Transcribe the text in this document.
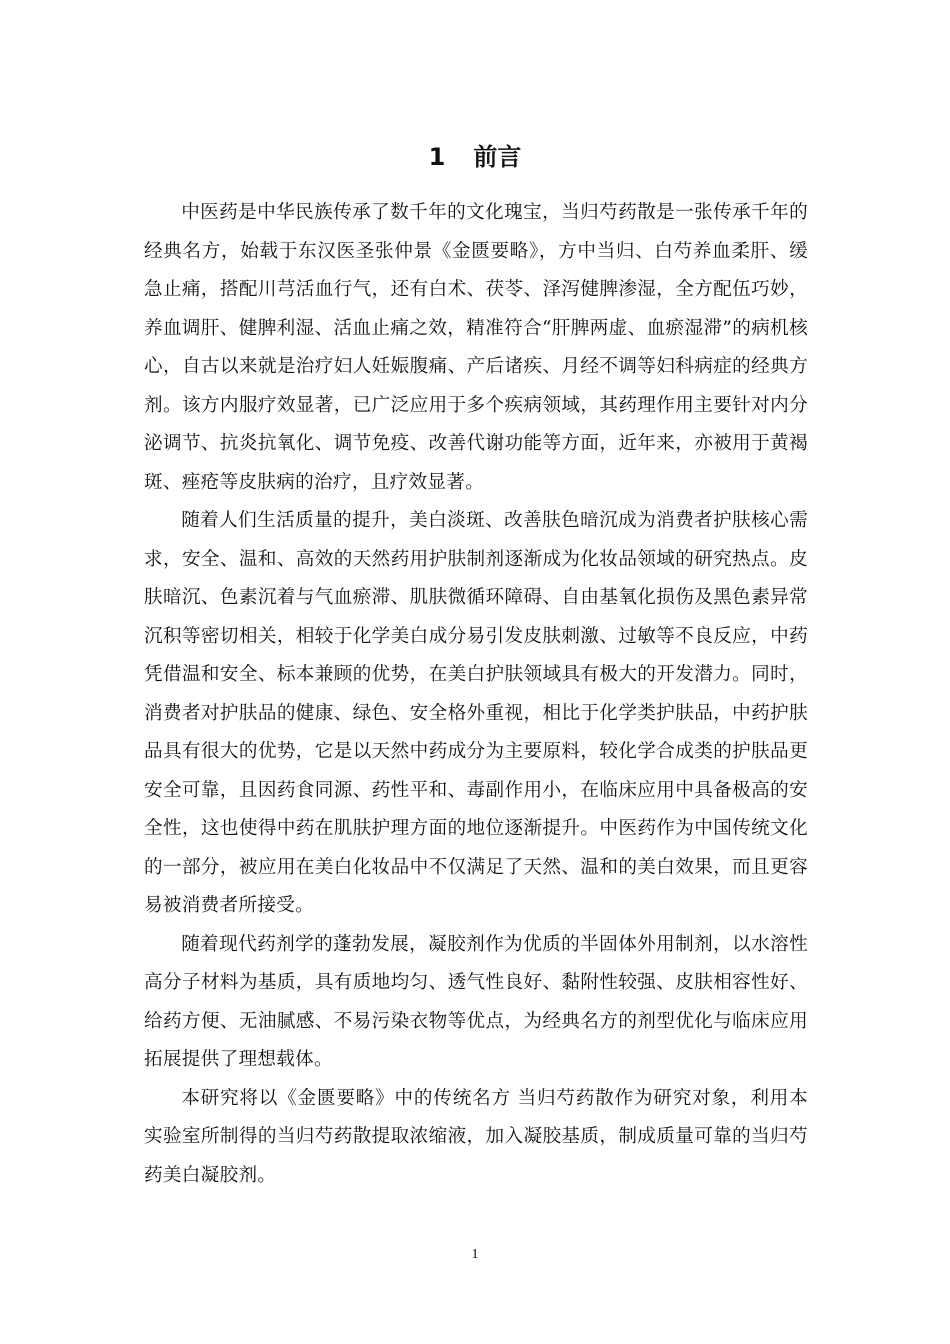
1 前言

中医药是中华民族传承了数千年的文化瑰宝，当归芍药散是一张传承千年的经典名方，始载于东汉医圣张仲景《金匮要略》，方中当归、白芍养血柔肝、缓急止痛，搭配川芎活血行气，还有白术、茯苓、泽泻健脾渗湿，全方配伍巧妙，养血调肝、健脾利湿、活血止痛之效，精准符合“肝脾两虚、血瘀湿滞”的病机核心，自古以来就是治疗妇人妊娠腹痛、产后诸疾、月经不调等妇科病症的经典方剂。该方内服疗效显著，已广泛应用于多个疾病领域，其药理作用主要针对内分泌调节、抗炎抗氧化、调节免疫、改善代谢功能等方面，近年来，亦被用于黄褐斑、痤疮等皮肤病的治疗，且疗效显著。

随着人们生活质量的提升，美白淡斑、改善肤色暗沉成为消费者护肤核心需求，安全、温和、高效的天然药用护肤制剂逐渐成为化妆品领域的研究热点。皮肤暗沉、色素沉着与气血瘀滞、肌肤微循环障碍、自由基氧化损伤及黑色素异常沉积等密切相关，相较于化学美白成分易引发皮肤刺激、过敏等不良反应，中药凭借温和安全、标本兼顾的优势，在美白护肤领域具有极大的开发潜力。同时，消费者对护肤品的健康、绿色、安全格外重视，相比于化学类护肤品，中药护肤品具有很大的优势，它是以天然中药成分为主要原料，较化学合成类的护肤品更安全可靠，且因药食同源、药性平和、毒副作用小，在临床应用中具备极高的安全性，这也使得中药在肌肤护理方面的地位逐渐提升。中医药作为中国传统文化的一部分，被应用在美白化妆品中不仅满足了天然、温和的美白效果，而且更容易被消费者所接受。

随着现代药剂学的蓬勃发展，凝胶剂作为优质的半固体外用制剂，以水溶性高分子材料为基质，具有质地均匀、透气性良好、黏附性较强、皮肤相容性好、给药方便、无油腻感、不易污染衣物等优点，为经典名方的剂型优化与临床应用拓展提供了理想载体。

本研究将以《金匮要略》中的传统名方 当归芍药散作为研究对象，利用本实验室所制得的当归芍药散提取浓缩液，加入凝胶基质，制成质量可靠的当归芍药美白凝胶剂。

1
